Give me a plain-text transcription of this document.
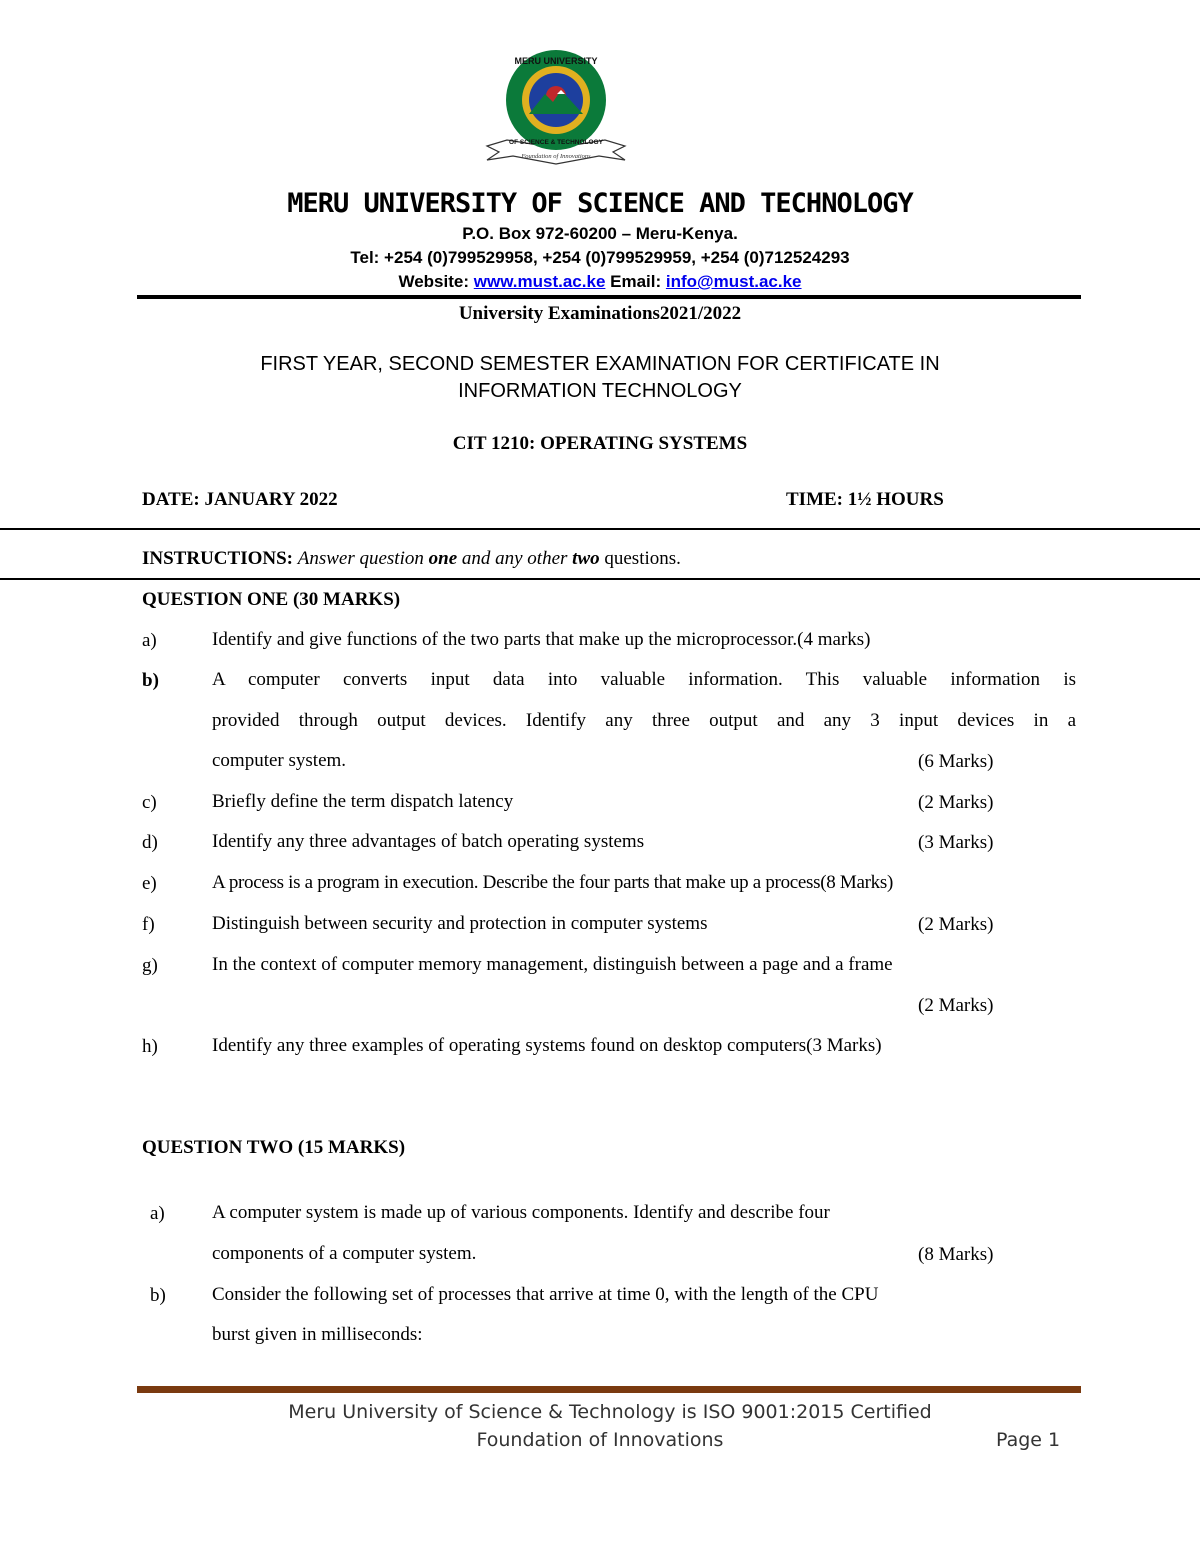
MERU UNIVERSITY
OF SCIENCE & TECHNOLOGY
Foundation of Innovations
MERU UNIVERSITY OF SCIENCE AND TECHNOLOGY
P.O. Box 972-60200 – Meru-Kenya.
Tel: +254 (0)799529958, +254 (0)799529959, +254 (0)712524293
Website: www.must.ac.ke Email: info@must.ac.ke
University Examinations2021/2022
FIRST YEAR, SECOND SEMESTER EXAMINATION FOR CERTIFICATE IN
INFORMATION TECHNOLOGY
CIT 1210: OPERATING SYSTEMS
DATE: JANUARY 2022	TIME: 1½ HOURS
INSTRUCTIONS: Answer question one and any other two questions.
QUESTION ONE (30 MARKS)
a)	Identify and give functions of the two parts that make up the microprocessor.(4 marks)
b)	A computer converts input data into valuable information. This valuable information is
provided through output devices. Identify any three output and any 3 input devices in a
computer system.	(6 Marks)
c)	Briefly define the term dispatch latency	(2 Marks)
d)	Identify any three advantages of batch operating systems	(3 Marks)
e)	A process is a program in execution. Describe the four parts that make up a process(8 Marks)
f)	Distinguish between security and protection in computer systems	(2 Marks)
g)	In the context of computer memory management, distinguish between a page and a frame
(2 Marks)
h)	Identify any three examples of operating systems found on desktop computers(3 Marks)
QUESTION TWO (15 MARKS)
a) A computer system is made up of various components. Identify and describe four
components of a computer system.	(8 Marks)
b) Consider the following set of processes that arrive at time 0, with the length of the CPU
burst given in milliseconds:
Meru University of Science & Technology is ISO 9001:2015 Certified
Foundation of Innovations	Page 1
